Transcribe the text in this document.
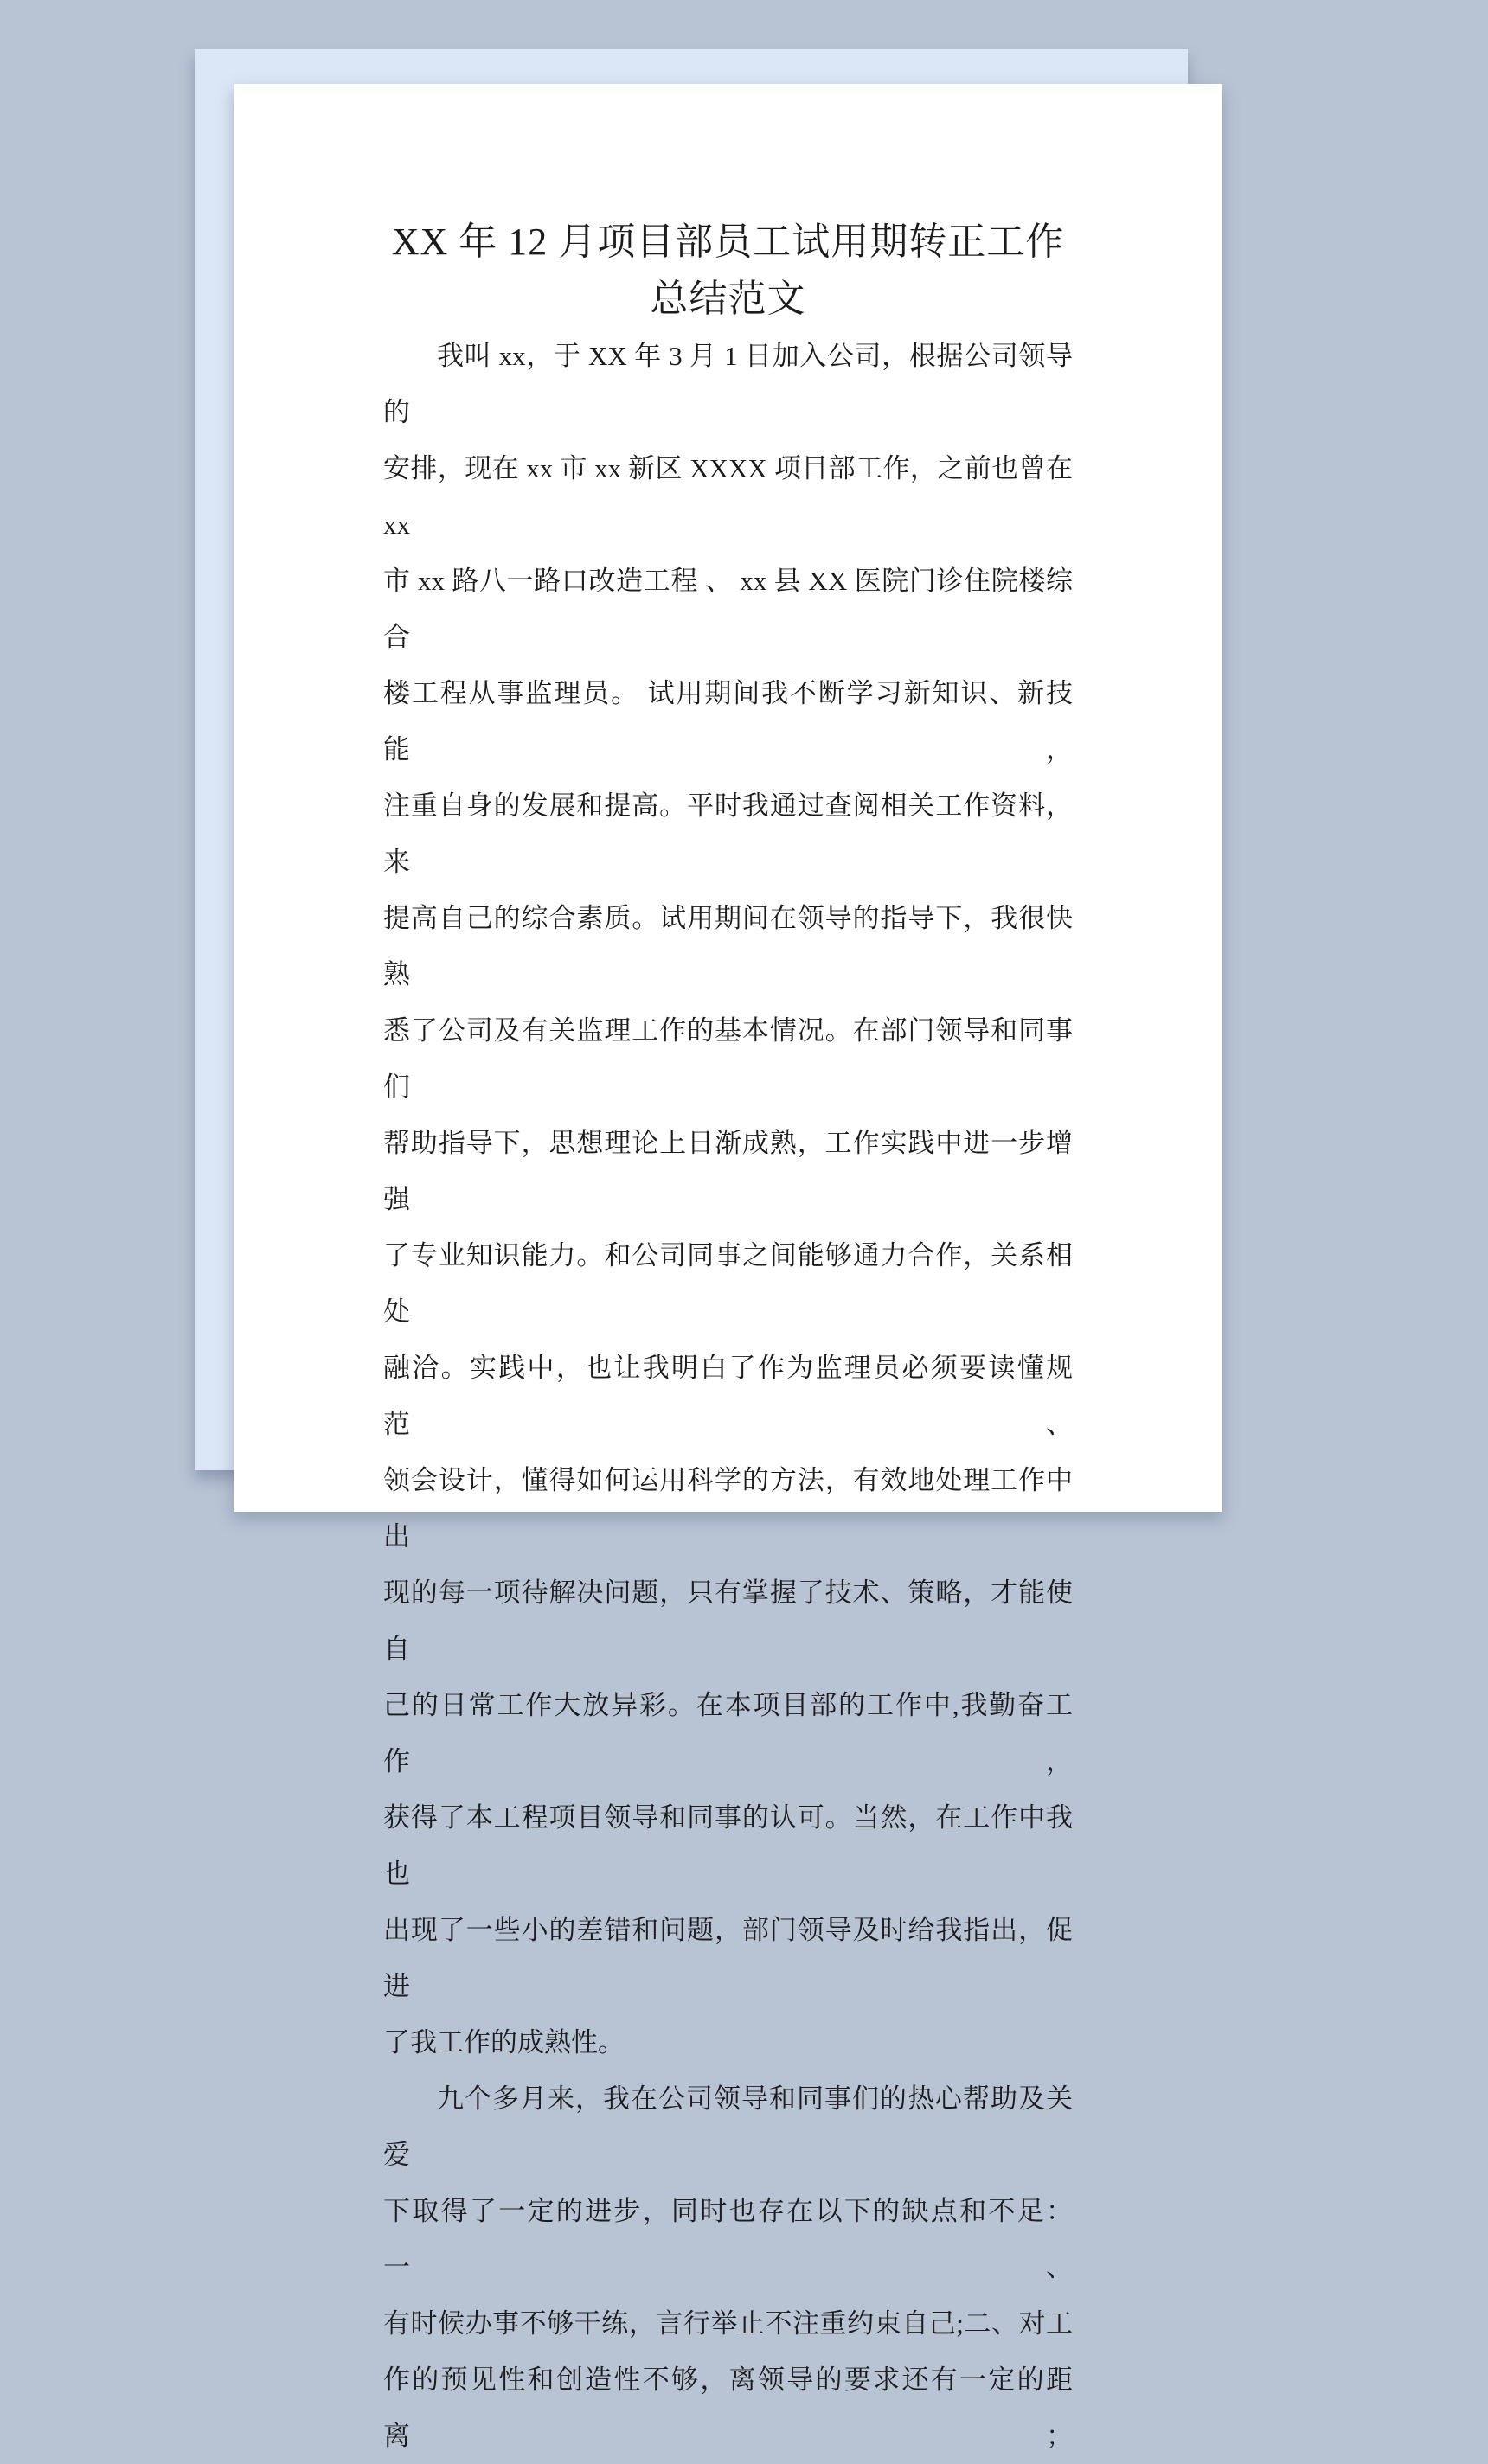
XX 年 12 月项目部员工试用期转正工作
总结范文
我叫 xx，于 XX 年 3 月 1 日加入公司，根据公司领导的
安排，现在 xx 市 xx 新区 XXXX 项目部工作，之前也曾在 xx
市 xx 路八一路口改造工程 、 xx 县 XX 医院门诊住院楼综合
楼工程从事监理员。 试用期间我不断学习新知识、新技能，
注重自身的发展和提高。平时我通过查阅相关工作资料，来
提高自己的综合素质。试用期间在领导的指导下，我很快熟
悉了公司及有关监理工作的基本情况。在部门领导和同事们
帮助指导下，思想理论上日渐成熟，工作实践中进一步增强
了专业知识能力。和公司同事之间能够通力合作，关系相处
融洽。实践中，也让我明白了作为监理员必须要读懂规范、
领会设计，懂得如何运用科学的方法，有效地处理工作中出
现的每一项待解决问题，只有掌握了技术、策略，才能使自
己的日常工作大放异彩。在本项目部的工作中,我勤奋工作，
获得了本工程项目领导和同事的认可。当然，在工作中我也
出现了一些小的差错和问题，部门领导及时给我指出，促进
了我工作的成熟性。
九个多月来，我在公司领导和同事们的热心帮助及关爱
下取得了一定的进步，同时也存在以下的缺点和不足：一、
有时候办事不够干练，言行举止不注重约束自己;二、对工
作的预见性和创造性不够，离领导的要求还有一定的距离；
